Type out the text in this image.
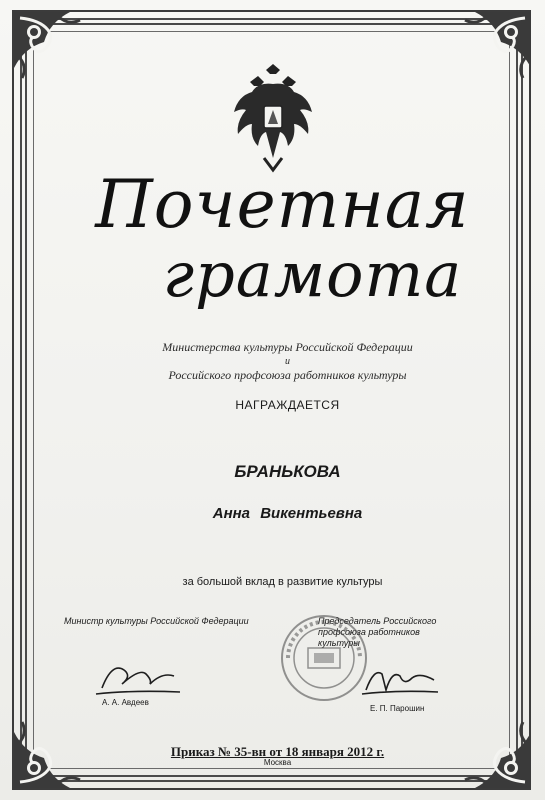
Почетная
грамота
Министерства культуры Российской Федерации
и
Российского профсоюза работников культуры
НАГРАЖДАЕТСЯ
БРАНЬКОВА
Анна Викентьевна
за большой вклад в развитие культуры
Министр культуры Российской Федерации	Председатель Российского профсоюза работников культуры
А. А. Авдеев
Е. П. Парошин
Приказ № 35-вн от 18 января 2012 г.
Москва
